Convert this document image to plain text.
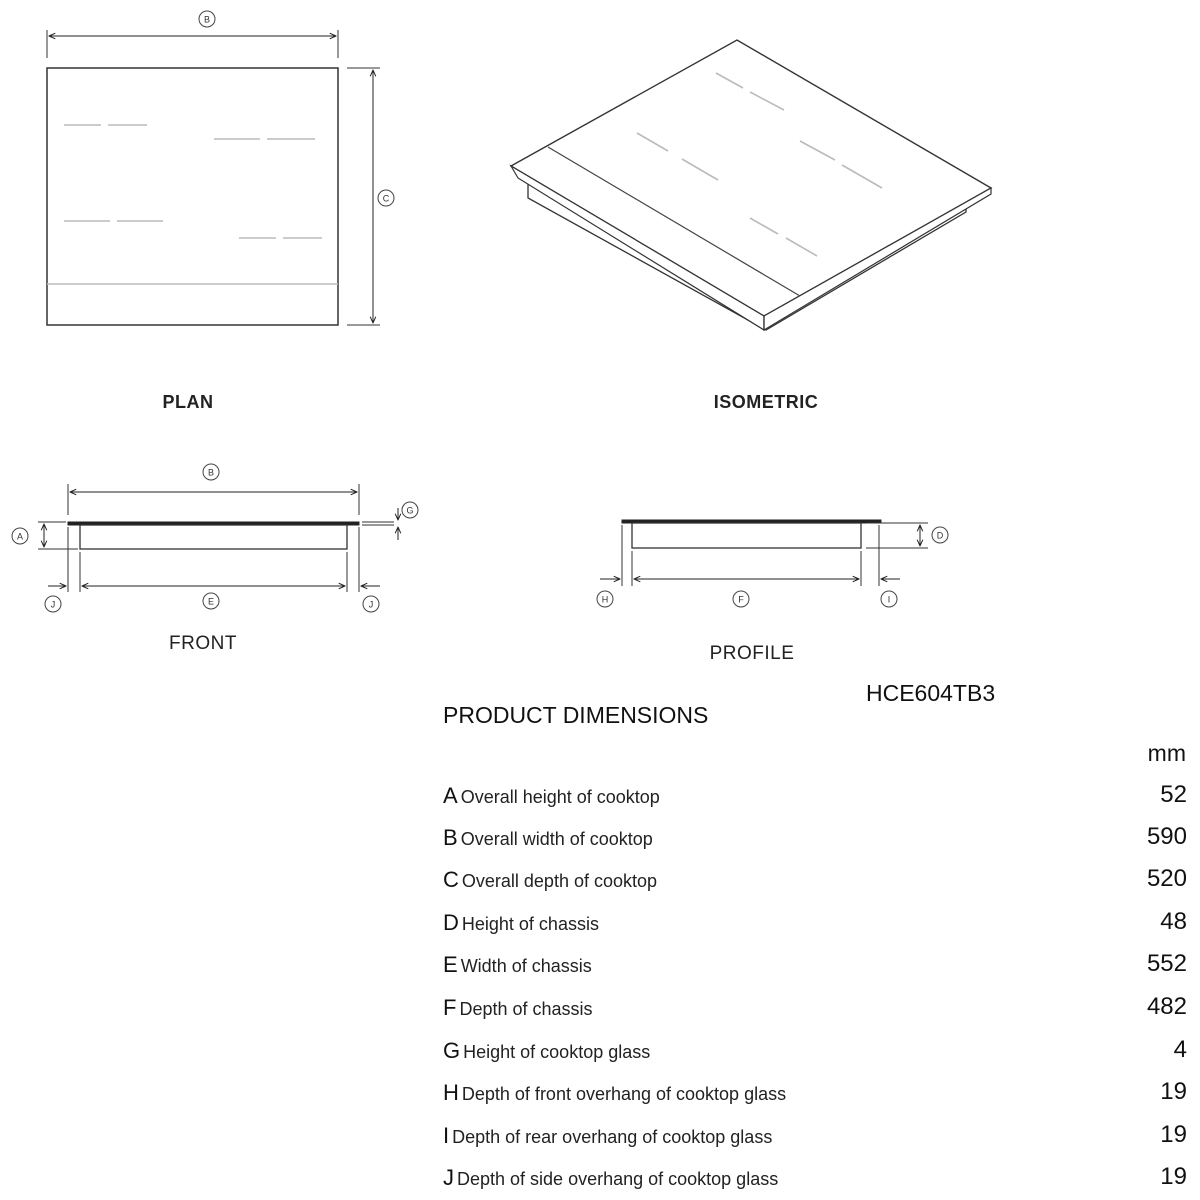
B
C
B
A
G
E
J	J
D
F
H	I
PLAN	ISOMETRIC
FRONT	PROFILE
HCE604TB3
PRODUCT DIMENSIONS
mm
A Overall height of cooktop	52
B Overall width of cooktop	590
C Overall depth of cooktop	520
D Height of chassis	48
E Width of chassis	552
F Depth of chassis	482
G Height of cooktop glass	4
H Depth of front overhang of cooktop glass	19
I Depth of rear overhang of cooktop glass	19
J Depth of side overhang of cooktop glass	19
